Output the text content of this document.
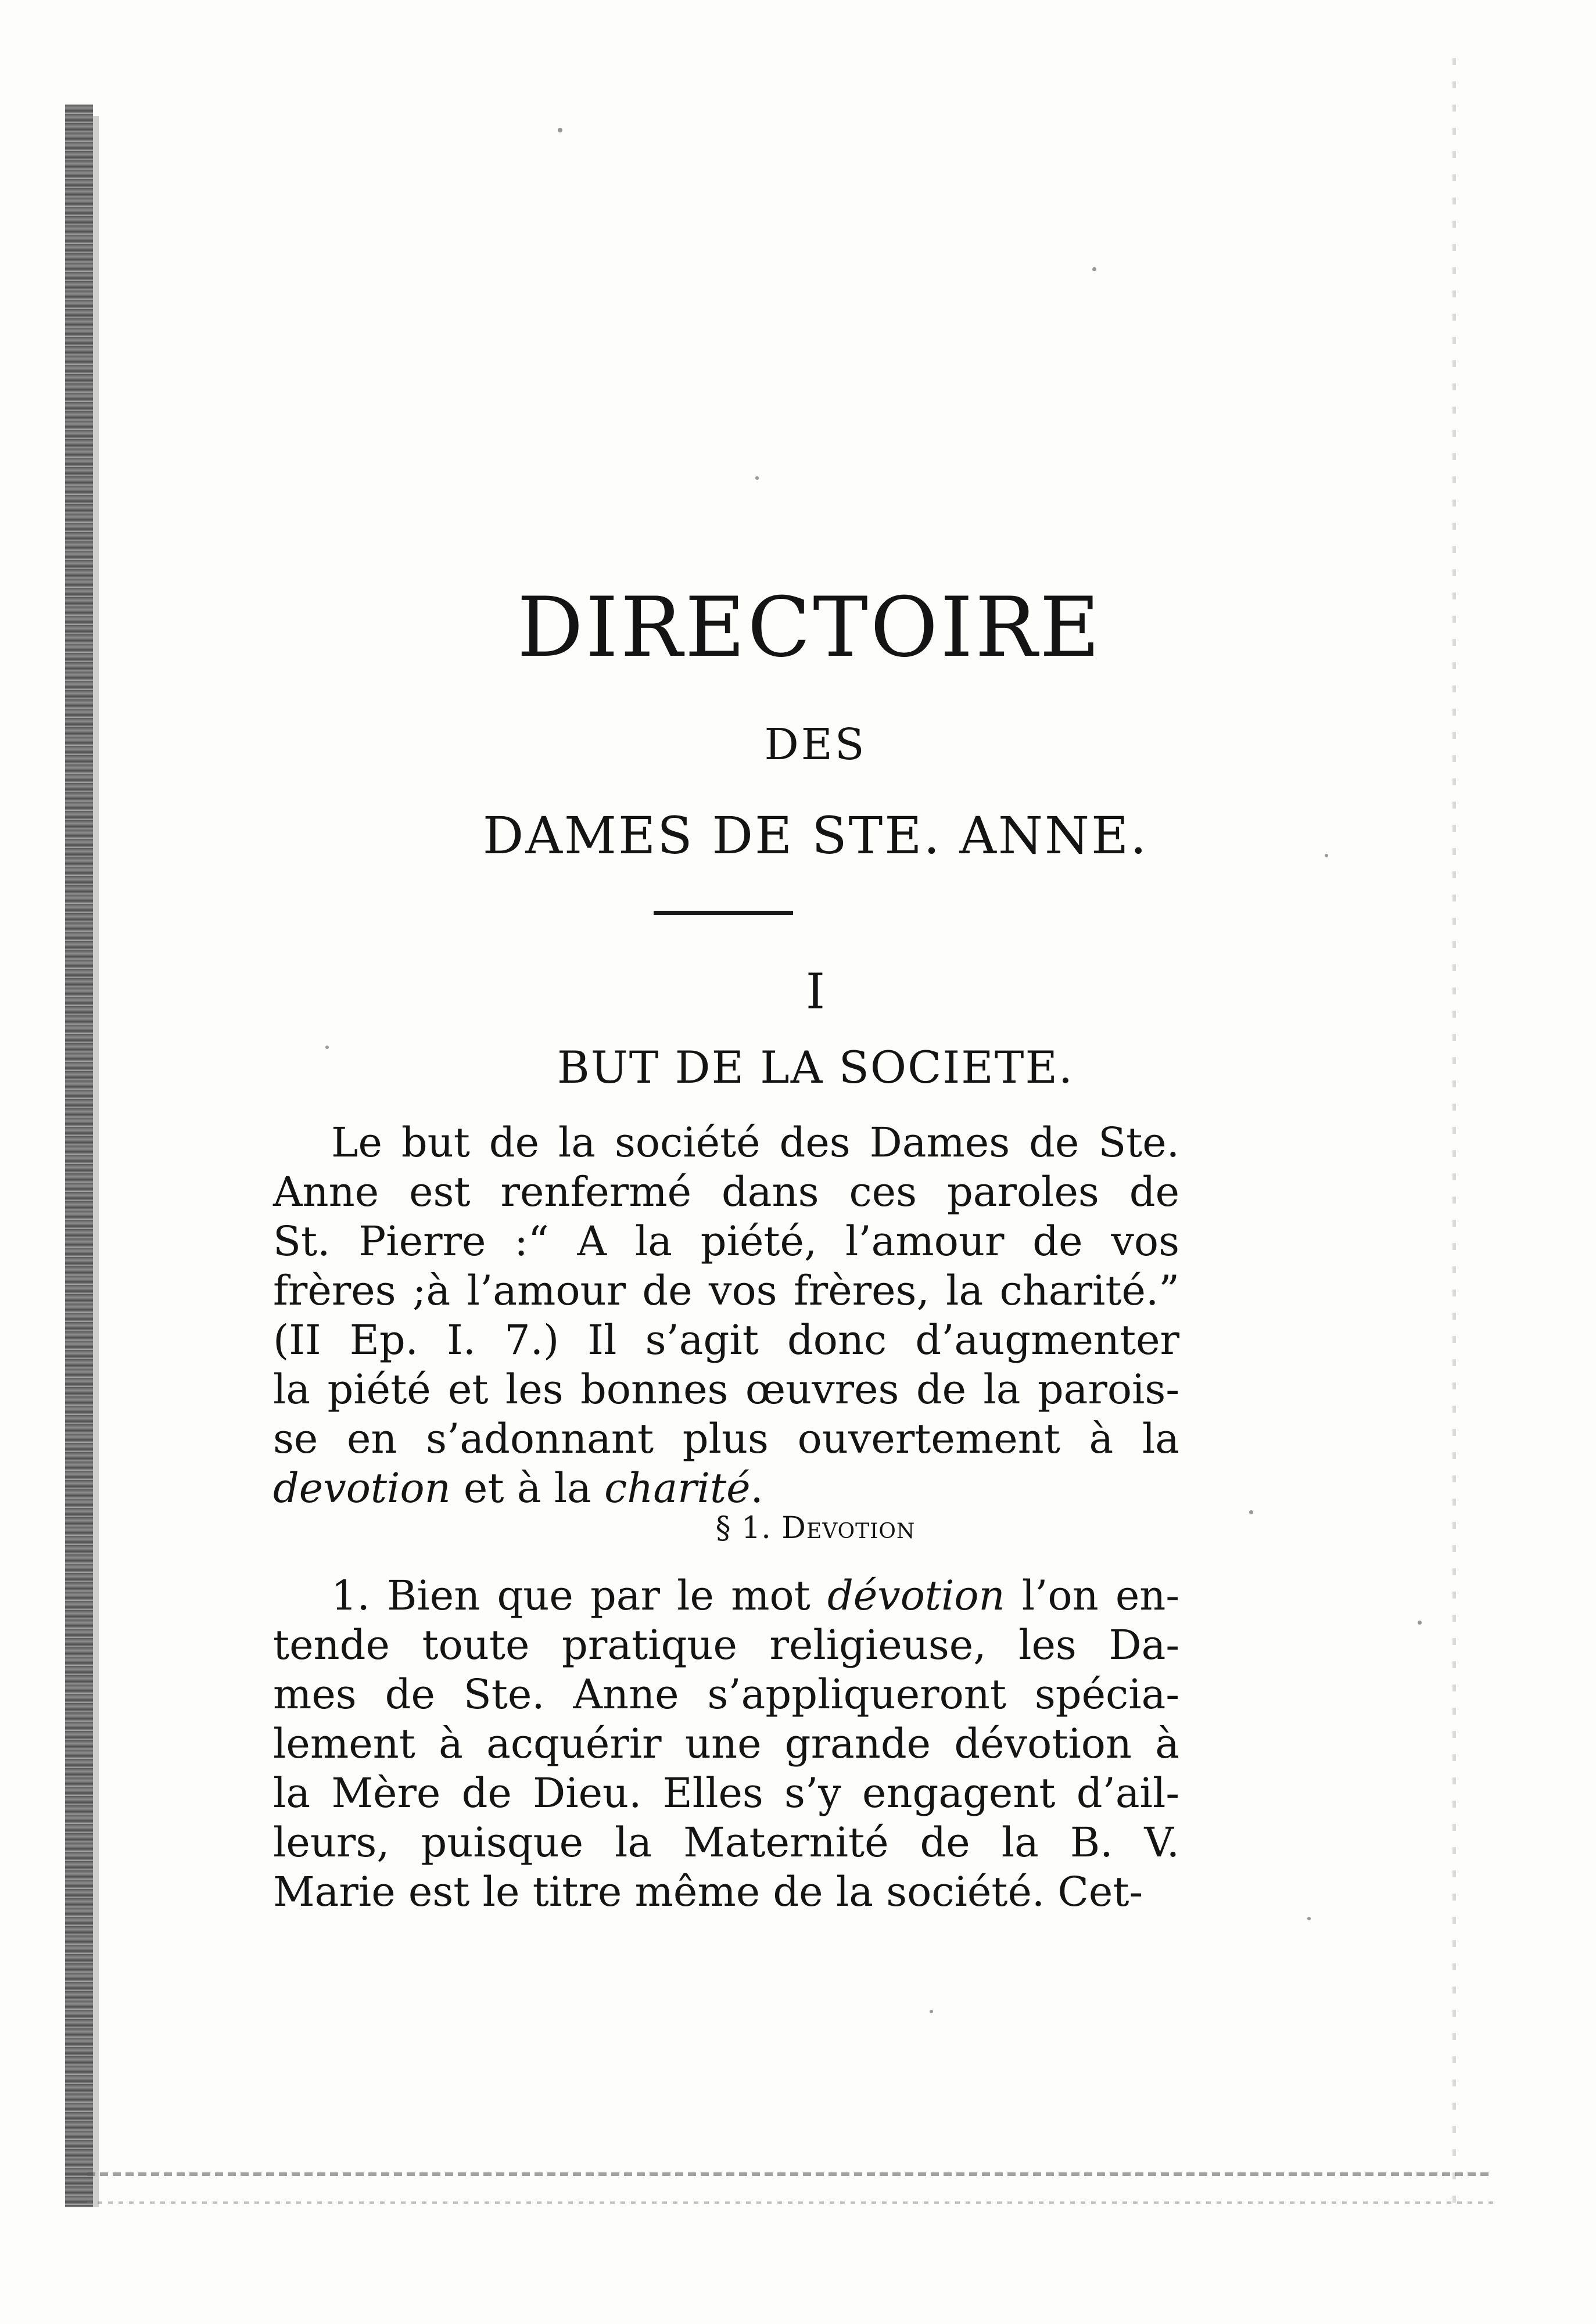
DIRECTOIRE
DES
DAMES DE STE. ANNE.
I
BUT DE LA SOCIETE.
Le but de la société des Dames de Ste.
Anne est renfermé dans ces paroles de
St. Pierre :“ A la piété, l’amour de vos
frères ;à l’amour de vos frères, la charité.”
(II Ep. I. 7.) Il s’agit donc d’augmenter
la piété et les bonnes œuvres de la parois-
se en s’adonnant plus ouvertement à la
devotion et à la charité.
§ 1. Devotion
1. Bien que par le mot dévotion l’on en-
tende toute pratique religieuse, les Da-
mes de Ste. Anne s’appliqueront spécia-
lement à acquérir une grande dévotion à
la Mère de Dieu. Elles s’y engagent d’ail-
leurs, puisque la Maternité de la B. V.
Marie est le titre même de la société. Cet-
